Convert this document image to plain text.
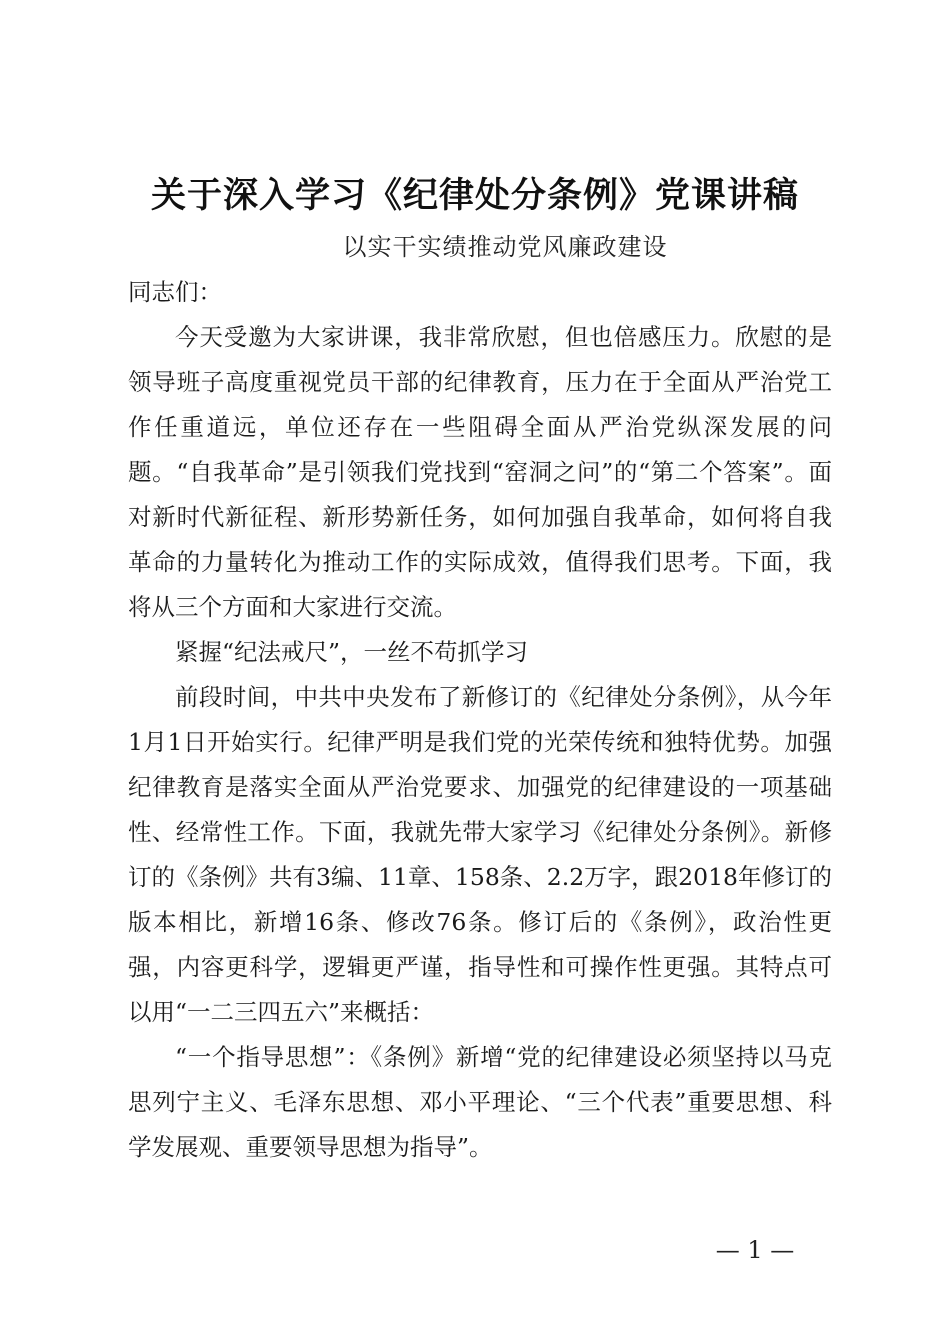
关于深入学习《纪律处分条例》党课讲稿
以实干实绩推动党风廉政建设

同志们：

今天受邀为大家讲课，我非常欣慰，但也倍感压力。欣慰的是领导班子高度重视党员干部的纪律教育，压力在于全面从严治党工作任重道远，单位还存在一些阻碍全面从严治党纵深发展的问题。“自我革命”是引领我们党找到“窑洞之问”的“第二个答案”。面对新时代新征程、新形势新任务，如何加强自我革命，如何将自我革命的力量转化为推动工作的实际成效，值得我们思考。下面，我将从三个方面和大家进行交流。

紧握“纪法戒尺”，一丝不苟抓学习

前段时间，中共中央发布了新修订的《纪律处分条例》，从今年1月1日开始实行。纪律严明是我们党的光荣传统和独特优势。加强纪律教育是落实全面从严治党要求、加强党的纪律建设的一项基础性、经常性工作。下面，我就先带大家学习《纪律处分条例》。新修订的《条例》共有3编、11章、158条、2.2万字，跟2018年修订的版本相比，新增16条、修改76条。修订后的《条例》，政治性更强，内容更科学，逻辑更严谨，指导性和可操作性更强。其特点可以用“一二三四五六”来概括：

“一个指导思想”：《条例》新增“党的纪律建设必须坚持以马克思列宁主义、毛泽东思想、邓小平理论、“三个代表”重要思想、科学发展观、重要领导思想为指导”。

— 1 —
